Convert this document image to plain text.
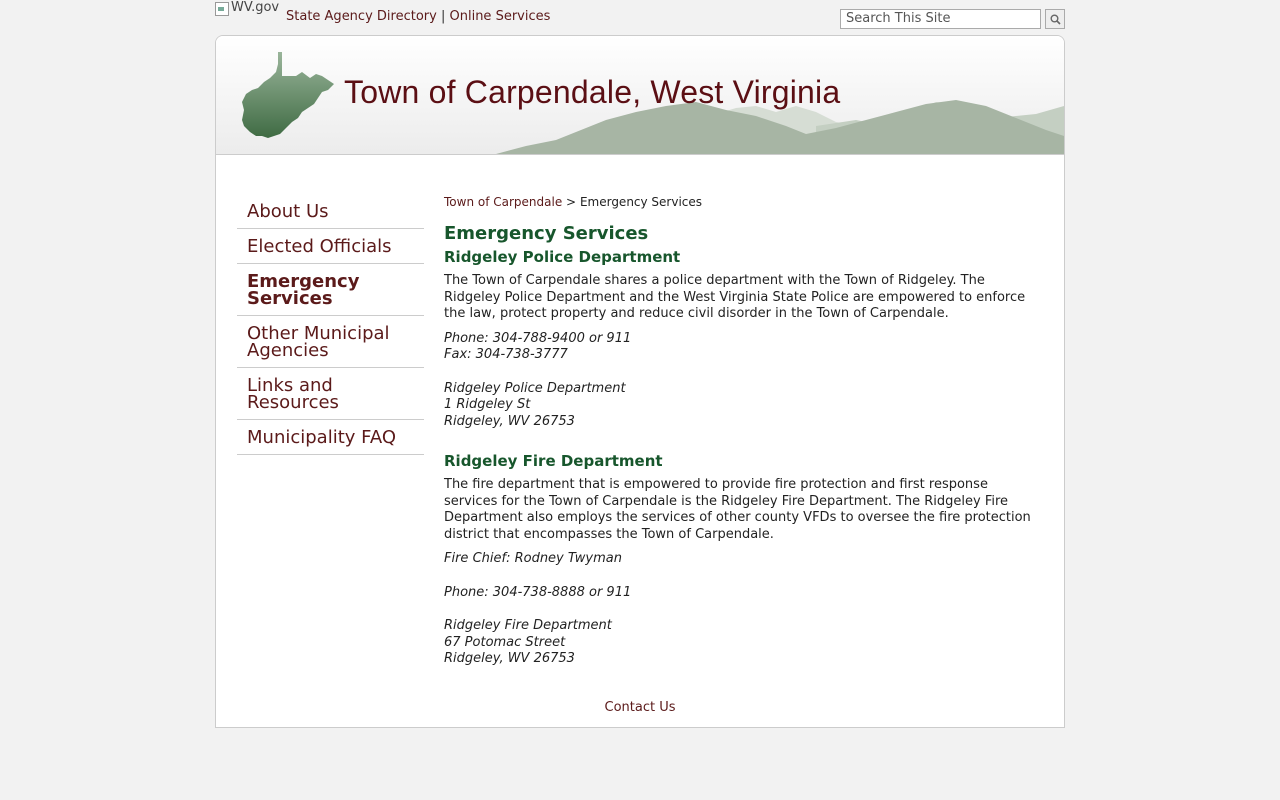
WV.gov
State Agency Directory | Online Services	Search This Site
Town of Carpendale, West Virginia
About Us
Elected Officials
Emergency Services
Other Municipal Agencies
Links and Resources
Municipality FAQ
Town of Carpendale > Emergency Services
Emergency Services
Ridgeley Police Department

The Town of Carpendale shares a police department with the Town of Ridgeley. The Ridgeley Police Department and the West Virginia State Police are empowered to enforce the law, protect property and reduce civil disorder in the Town of Carpendale.

Phone: 304-788-9400 or 911
Fax: 304-738-3777
Ridgeley Police Department
1 Ridgeley St
Ridgeley, WV 26753
Ridgeley Fire Department

The fire department that is empowered to provide fire protection and first response services for the Town of Carpendale is the Ridgeley Fire Department. The Ridgeley Fire Department also employs the services of other county VFDs to oversee the fire protection district that encompasses the Town of Carpendale.

Fire Chief: Rodney Twyman
Phone: 304-738-8888 or 911
Ridgeley Fire Department
67 Potomac Street
Ridgeley, WV 26753
Contact Us
